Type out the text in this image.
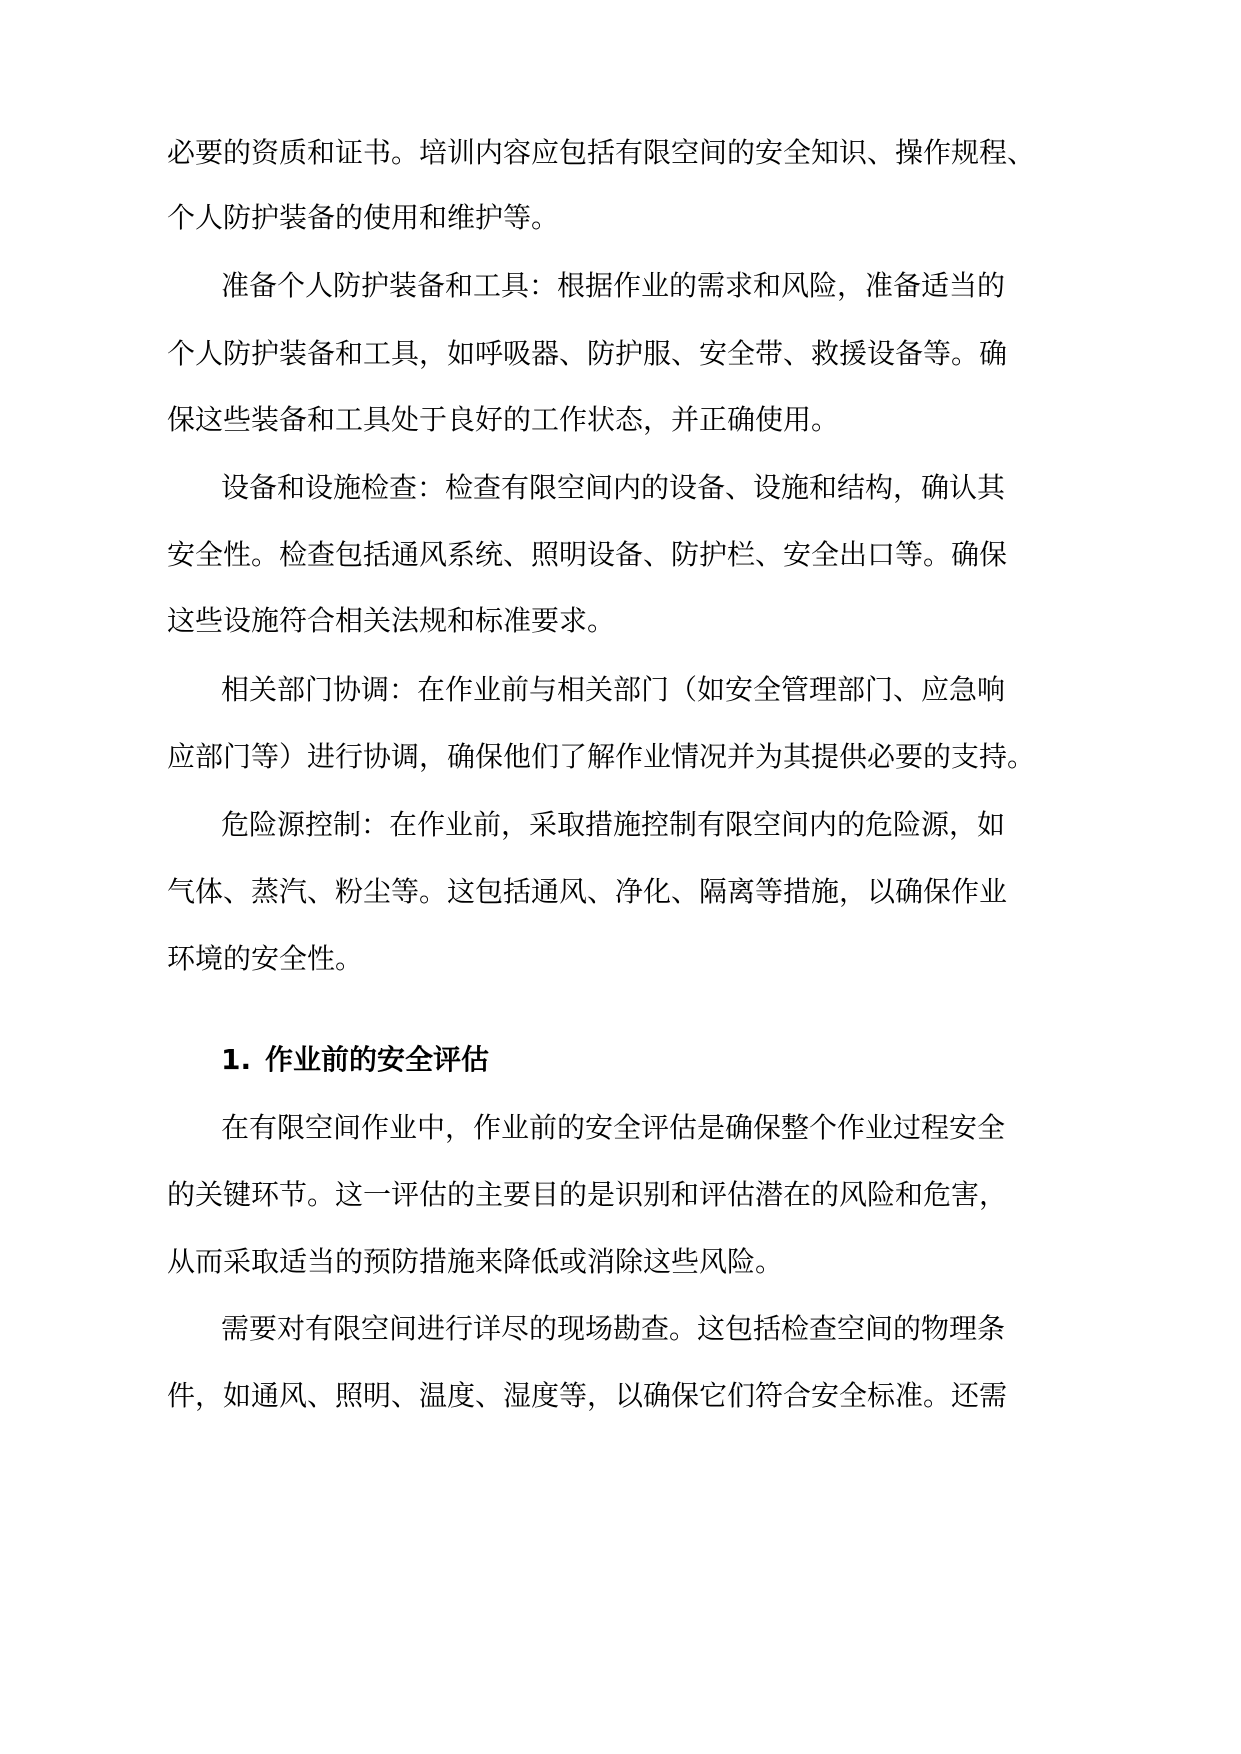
必要的资质和证书。培训内容应包括有限空间的安全知识、操作规程、
个人防护装备的使用和维护等。
准备个人防护装备和工具：根据作业的需求和风险，准备适当的
个人防护装备和工具，如呼吸器、防护服、安全带、救援设备等。确
保这些装备和工具处于良好的工作状态，并正确使用。
设备和设施检查：检查有限空间内的设备、设施和结构，确认其
安全性。检查包括通风系统、照明设备、防护栏、安全出口等。确保
这些设施符合相关法规和标准要求。
相关部门协调：在作业前与相关部门（如安全管理部门、应急响
应部门等）进行协调，确保他们了解作业情况并为其提供必要的支持。
危险源控制：在作业前，采取措施控制有限空间内的危险源，如
气体、蒸汽、粉尘等。这包括通风、净化、隔离等措施，以确保作业
环境的安全性。
1. 作业前的安全评估
在有限空间作业中，作业前的安全评估是确保整个作业过程安全
的关键环节。这一评估的主要目的是识别和评估潜在的风险和危害，
从而采取适当的预防措施来降低或消除这些风险。
需要对有限空间进行详尽的现场勘查。这包括检查空间的物理条
件，如通风、照明、温度、湿度等，以确保它们符合安全标准。还需
